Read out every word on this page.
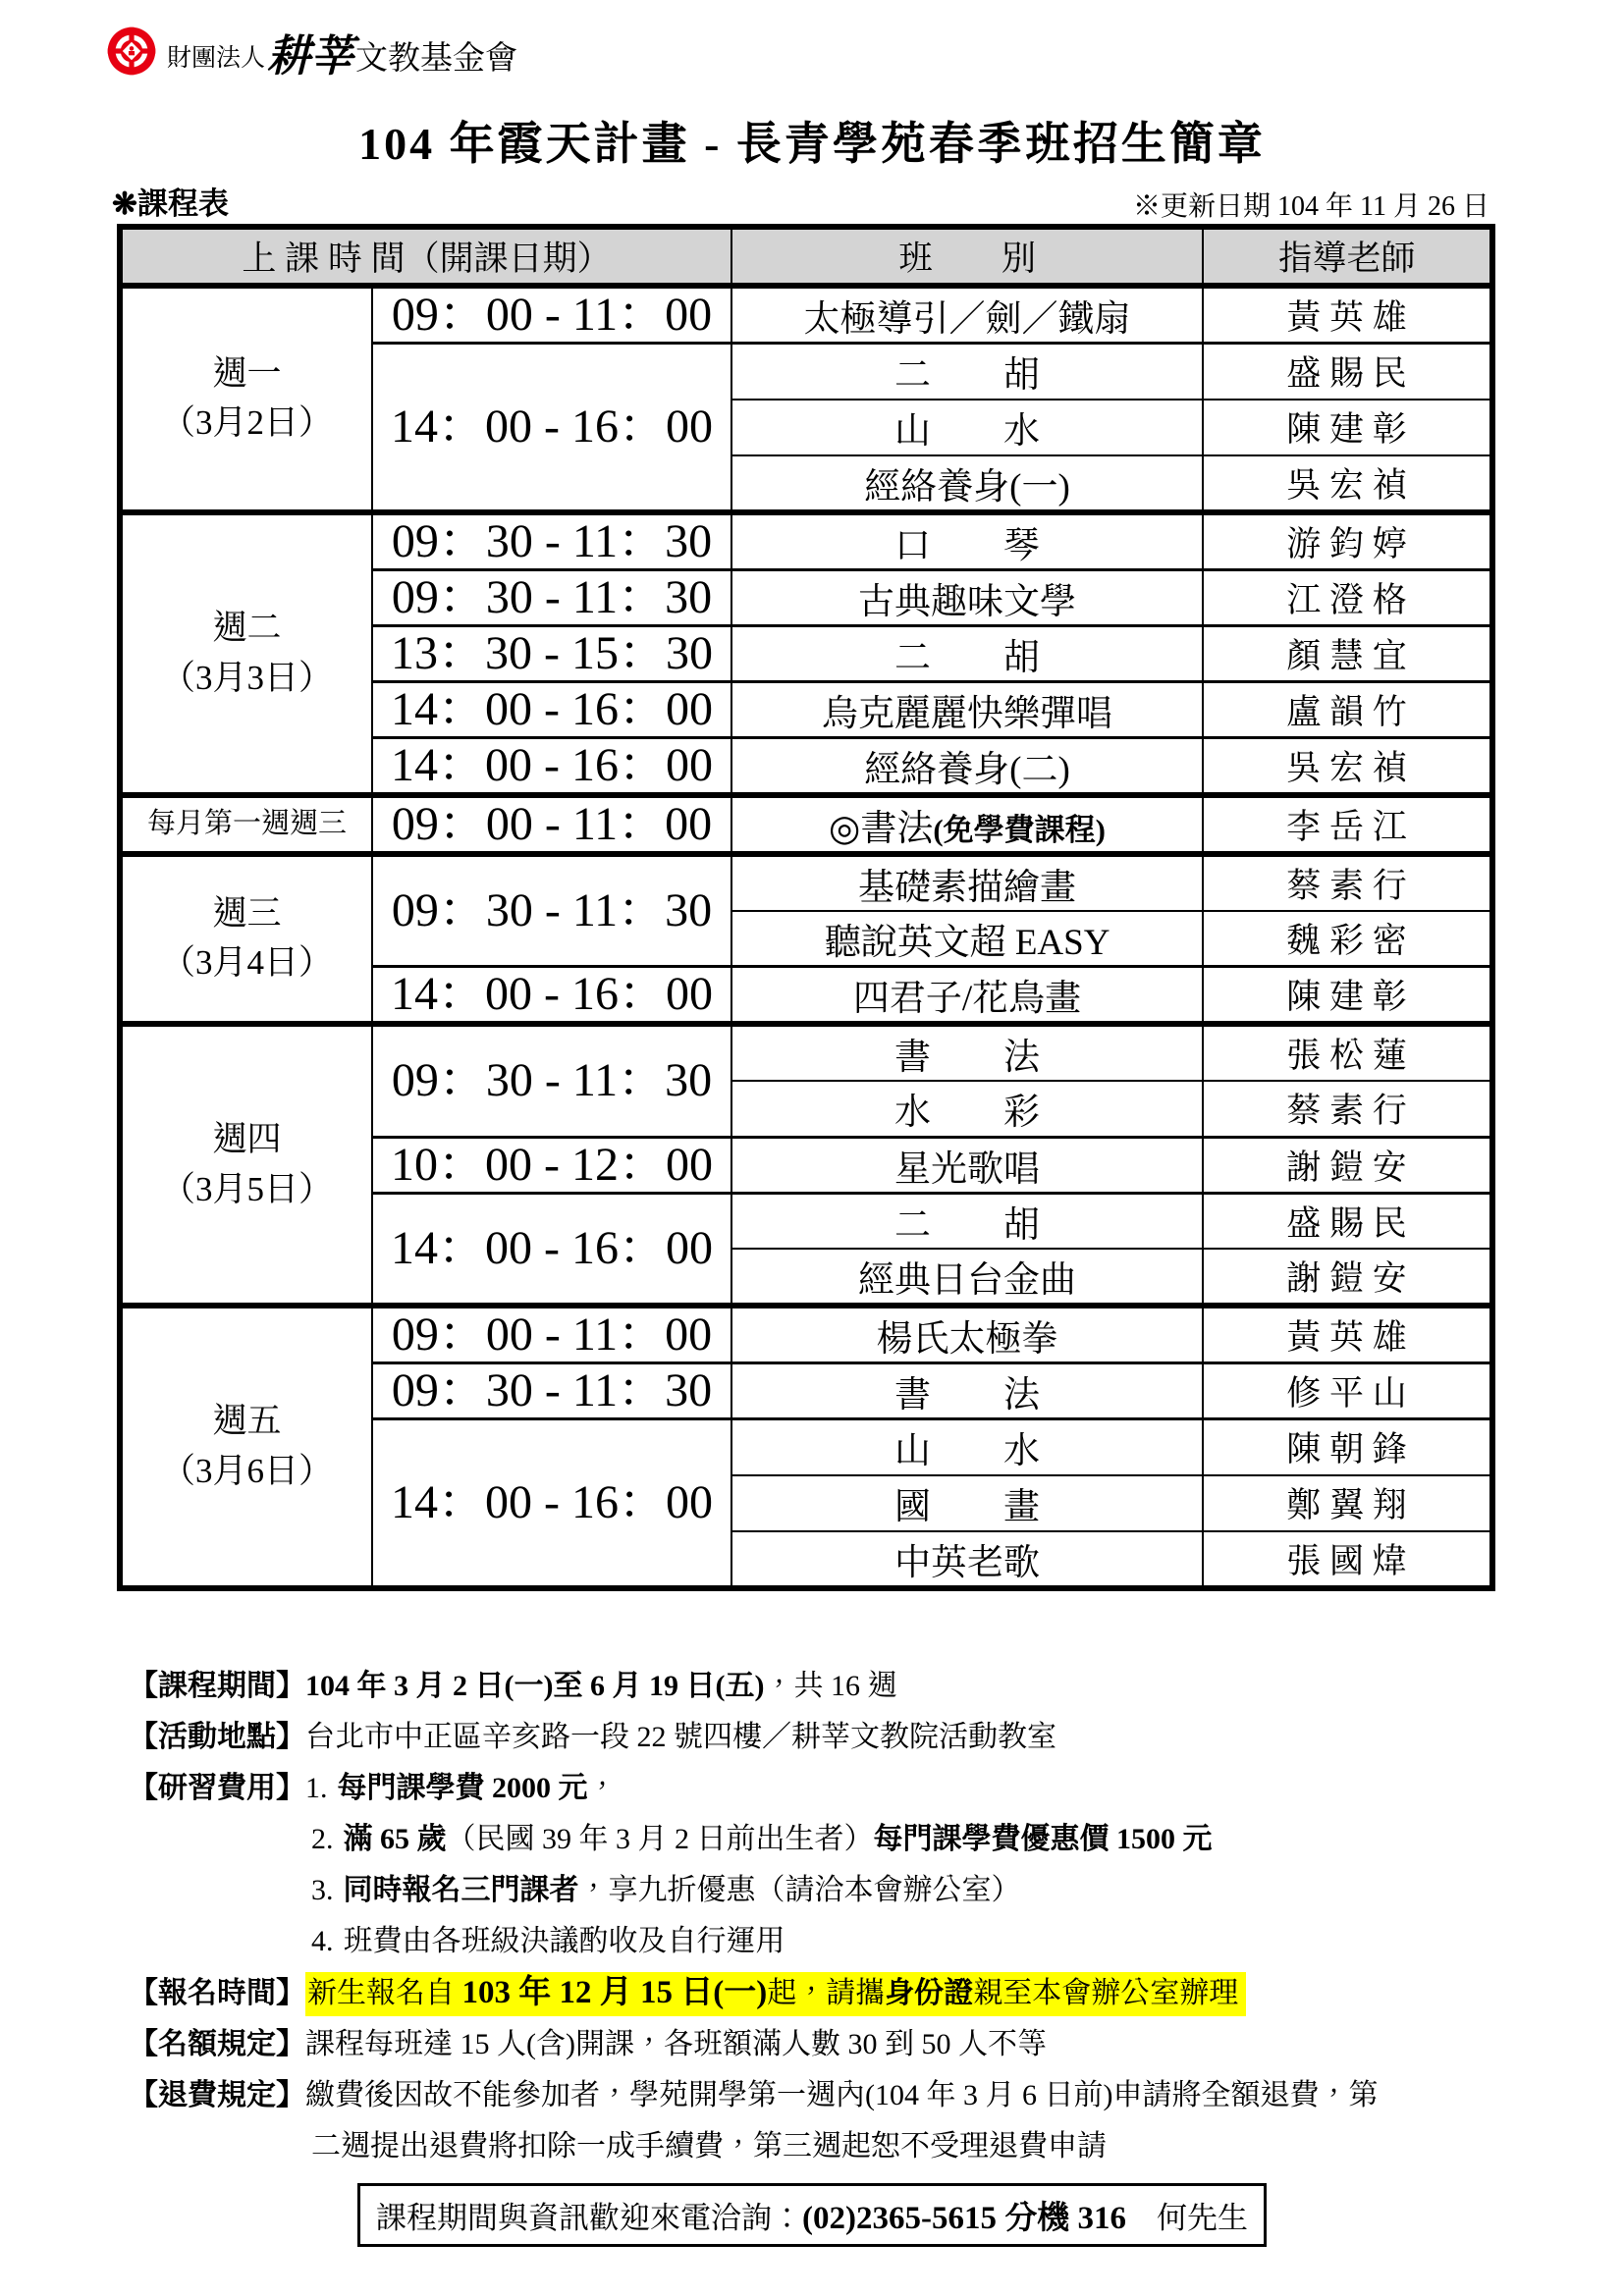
財團法人 耕莘 文教基金會
104 年霞天計畫 - 長青學苑春季班招生簡章
❋課程表	※更新日期 104 年 11 月 26 日
上 課 時 間（開課日期）		班　　別	指導老師

週一
（3月2日）	09：00 - 11：00	太極導引／劍／鐵扇	黃 英 雄
	14：00 - 16：00	二　　胡	盛 賜 民
		山　　水	陳 建 彰
		經絡養身(一)	吳 宏 禎

週二
（3月3日）	09：30 - 11：30	口　　琴	游 鈞 婷
	09：30 - 11：30	古典趣味文學	江 澄 格
	13：30 - 15：30	二　　胡	顏 慧 宜
	14：00 - 16：00	烏克麗麗快樂彈唱	盧 韻 竹
	14：00 - 16：00	經絡養身(二)	吳 宏 禎
每月第一週週三	09：00 - 11：00	◎書法(免學費課程)	李 岳 江

週三
（3月4日）	09：30 - 11：30	基礎素描繪畫	蔡 素 行
		聽說英文超 EASY	魏 彩 密
	14：00 - 16：00	四君子/花鳥畫	陳 建 彰

週四
（3月5日）	09：30 - 11：30	書　　法	張 松 蓮
		水　　彩	蔡 素 行
	10：00 - 12：00	星光歌唱	謝 鎧 安
	14：00 - 16：00	二　　胡	盛 賜 民
		經典日台金曲	謝 鎧 安

週五
（3月6日）	09：00 - 11：00	楊氏太極拳	黃 英 雄
	09：30 - 11：30	書　　法	修 平 山
	14：00 - 16：00	山　　水	陳 朝 鋒
		國　　畫	鄭 翼 翔
		中英老歌	張 國 煒
【課程期間】104 年 3 月 2 日(一)至 6 月 19 日(五)，共 16 週
【活動地點】台北市中正區辛亥路一段 22 號四樓／耕莘文教院活動教室
【研習費用】1. 每門課學費 2000 元，
2. 滿 65 歲（民國 39 年 3 月 2 日前出生者）每門課學費優惠價 1500 元
3. 同時報名三門課者，享九折優惠（請洽本會辦公室）
4. 班費由各班級決議酌收及自行運用
【報名時間】新生報名自 103 年 12 月 15 日(一)起，請攜身份證親至本會辦公室辦理
【名額規定】課程每班達 15 人(含)開課，各班額滿人數 30 到 50 人不等
【退費規定】繳費後因故不能參加者，學苑開學第一週內(104 年 3 月 6 日前)申請將全額退費，第
二週提出退費將扣除一成手續費，第三週起恕不受理退費申請
課程期間與資訊歡迎來電洽詢：(02)2365-5615 分機 316　何先生
